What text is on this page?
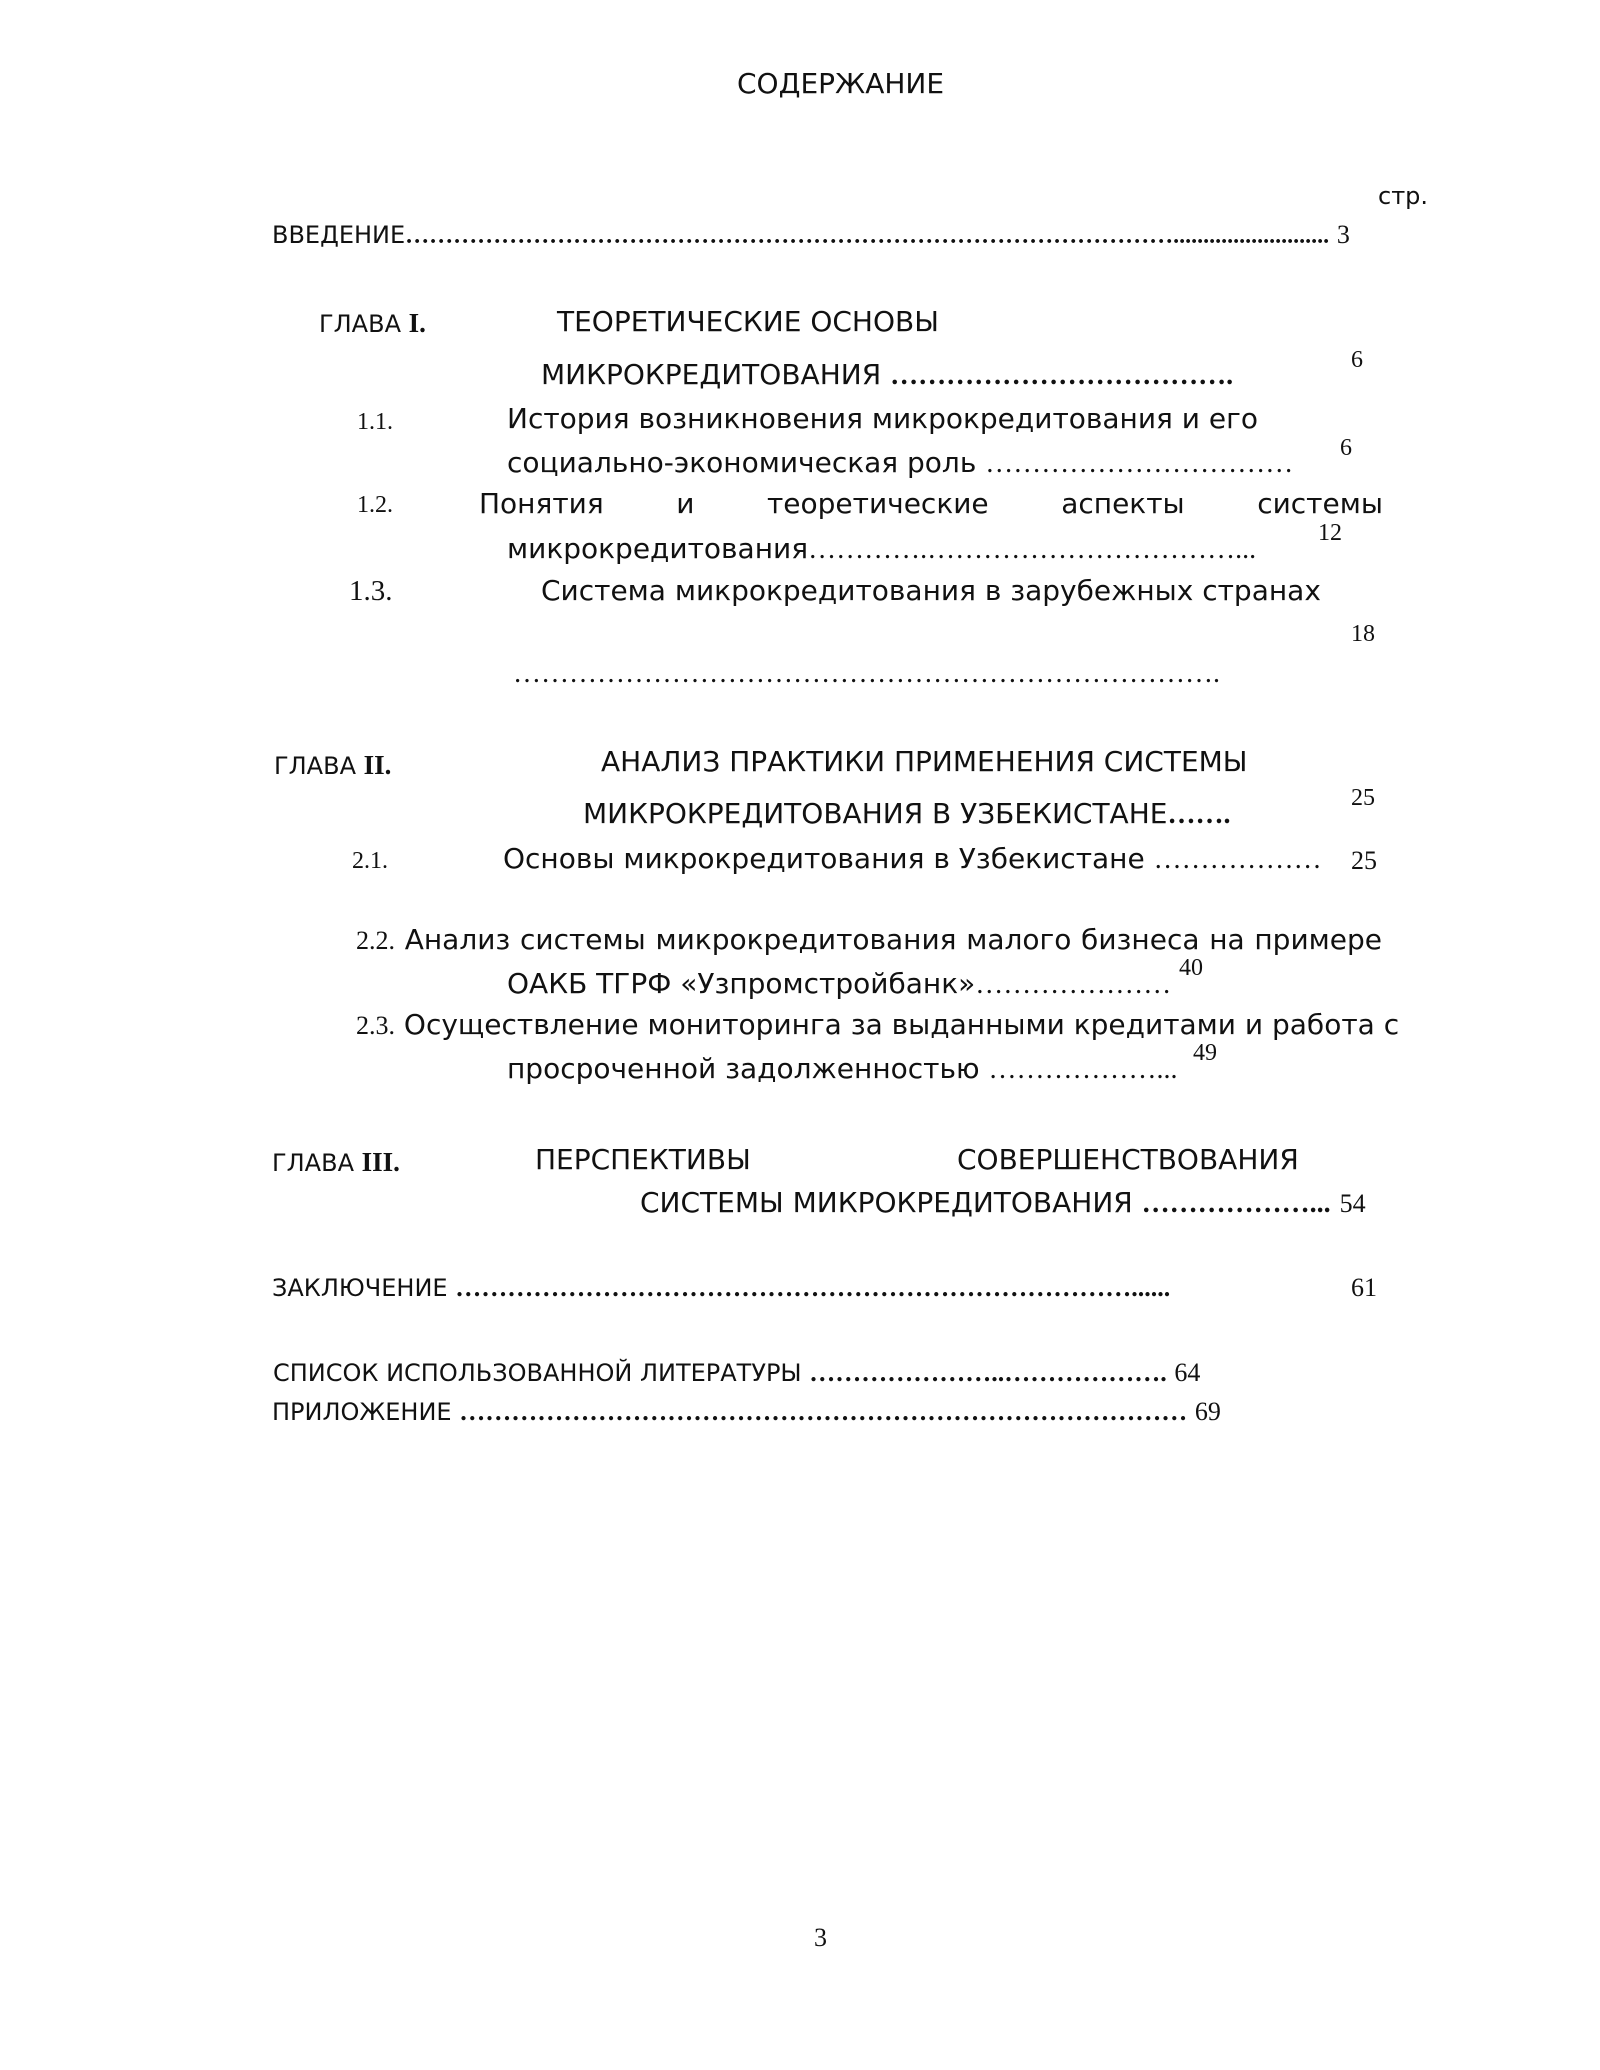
СОДЕРЖАНИЕ
стр.
ВВЕДЕНИЕ…………………………………………………………………………………….......................... 3
ГЛАВА I.	ТЕОРЕТИЧЕСКИЕ ОСНОВЫ
МИКРОКРЕДИТОВАНИЯ ……………………………….	6
1.1.	История возникновения микрокредитования и его
социально-экономическая роль …………………………… 6
1.2.	Понятия	и	теоретические	аспекты	системы
микрокредитования………….……………………………...
12
1.3.	Система микрокредитования в зарубежных странах
18
………………………………………………………………….
ГЛАВА II.	АНАЛИЗ ПРАКТИКИ ПРИМЕНЕНИЯ СИСТЕМЫ
МИКРОКРЕДИТОВАНИЯ В УЗБЕКИСТАНЕ…….
25
2.1.	Основы микрокредитования в Узбекистане ……………… 25
2.2. Анализ системы микрокредитования малого бизнеса на примере
ОАКБ ТГРФ «Узпромстройбанк»…………………
40
2.3. Осуществление мониторинга за выданными кредитами и работа с
просроченной задолженностью ………………...
49
ГЛАВА III.	ПЕРСПЕКТИВЫ	СОВЕРШЕНСТВОВАНИЯ
СИСТЕМЫ МИКРОКРЕДИТОВАНИЯ ………………... 54
ЗАКЛЮЧЕНИЕ ……………………………………………………………………......	61
СПИСОК ИСПОЛЬЗОВАННОЙ ЛИТЕРАТУРЫ …………………..………………. 64
ПРИЛОЖЕНИЕ ………………………………………………………………………… 69
3
